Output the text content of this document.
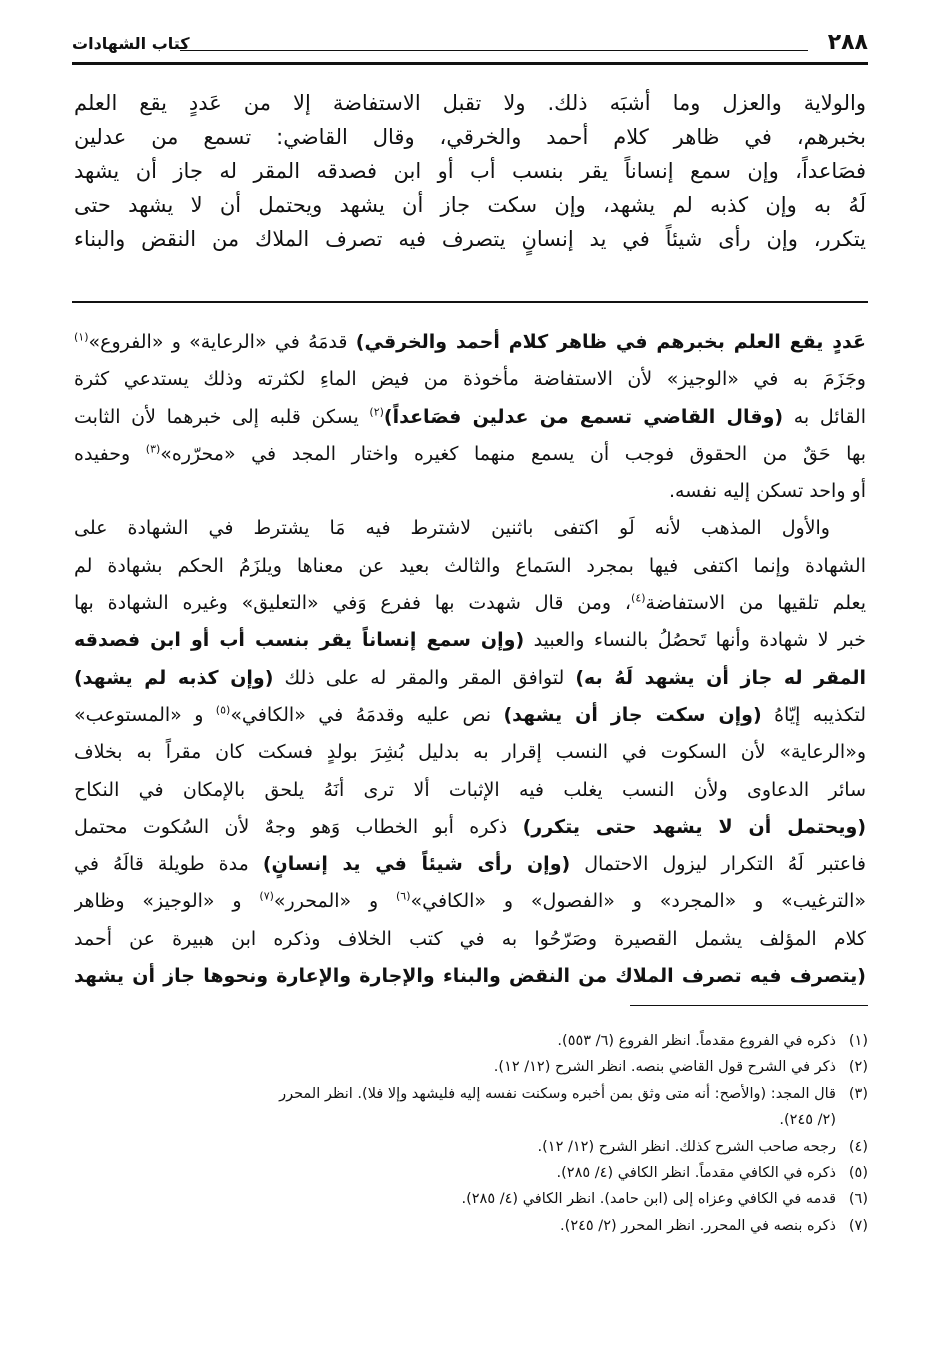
٢٨٨
كتاب الشهادات
والولاية والعزل وما أشبَه ذلك. ولا تقبل الاستفاضة إلا من عَددٍ يقع العلم
بخبرهم، في ظاهر كلام أحمد والخرقي، وقال القاضي: تسمع من عدلين
فصَاعداً، وإن سمع إنساناً يقر بنسب أب أو ابن فصدقه المقر له جاز أن يشهد
لَهُ به وإن كذبه لم يشهد، وإن سكت جاز أن يشهد ويحتمل أن لا يشهد حتى
يتكرر، وإن رأى شيئاً في يد إنسانٍ يتصرف فيه تصرف الملاك من النقض والبناء
عَددٍ يقع العلم بخبرهم في ظاهر كلام أحمد والخرقي) قدمَهُ في «الرعاية» و «الفروع»$^{(١)}$
وجَزَمَ به في «الوجيز» لأن الاستفاضة مأخوذة من فيض الماءِ لكثرته وذلك يستدعي كثرة
القائل به (وقال القاضي تسمع من عدلين فصَاعداً)$^{(٢)}$ يسكن قلبه إلى خبرهما لأن الثابت
بها حَقٌ من الحقوق فوجب أن يسمع منهما كغيره واختار المجد في «محرّره»$^{(٣)}$ وحفيده
أو واحد تسكن إليه نفسه.
والأول المذهب لأنه لَو اكتفى باثنين لاشترط فيه مَا يشترط في الشهادة على
الشهادة وإنما اكتفى فيها بمجرد السَماع والثالث بعيد عن معناها ويلزَمُ الحكم بشهادة لم
يعلم تلقيها من الاستفاضة$^{(٤)}$، ومن قال شهدت بها ففرع وَفي «التعليق» وغيره الشهادة بها
خبر لا شهادة وأنها تَحصُلُ بالنساء والعبيد (وإن سمع إنساناً يقر بنسب أب أو ابن فصدقه
المقر له جاز أن يشهد لَهُ به) لتوافق المقر والمقر له على ذلك (وإن كذبه لم يشهد)
لتكذيبه إيّاهُ (وإن سكت جاز أن يشهد) نص عليه وقدمَهُ في «الكافي»$^{(٥)}$ و «المستوعب»
و«الرعاية» لأن السكوت في النسب إقرار به بدليل بُشِرَ بولدٍ فسكت كان مقراً به بخلاف
سائر الدعاوى ولأن النسب يغلب فيه الإثبات ألا ترى أنَهُ يلحق بالإمكان في النكاح
(ويحتمل أن لا يشهد حتى يتكرر) ذكره أبو الخطاب وَهو وجهٌ لأن السُكوت محتمل
فاعتبر لَهُ التكرار ليزول الاحتمال (وإن رأى شيئاً في يد إنسانٍ) مدة طويلة قالَهُ في
«الترغيب» و «المجرد» و «الفصول» و «الكافي»$^{(٦)}$ و «المحرر»$^{(٧)}$ و «الوجيز» وظاهر
كلام المؤلف يشمل القصيرة وصَرّحُوا به في كتب الخلاف وذكره ابن هبيرة عن أحمد
(يتصرف فيه تصرف الملاك من النقض والبناء والإجارة والإعارة ونحوها جاز أن يشهد
(١)
ذكره في الفروع مقدماً. انظر الفروع (٦/ ٥٥٣).
(٢)
ذكر في الشرح قول القاضي بنصه. انظر الشرح (١٢/ ١٢).
(٣)
قال المجد: (والأصح: أنه متى وثق بمن أخبره وسكنت نفسه إليه فليشهد وإلا فلا). انظر المحرر
(٢/ ٢٤٥).
(٤)
رجحه صاحب الشرح كذلك. انظر الشرح (١٢/ ١٢).
(٥)
ذكره في الكافي مقدماً. انظر الكافي (٤/ ٢٨٥).
(٦)
قدمه في الكافي وعزاه إلى (ابن حامد). انظر الكافي (٤/ ٢٨٥).
(٧)
ذكره بنصه في المحرر. انظر المحرر (٢/ ٢٤٥).
